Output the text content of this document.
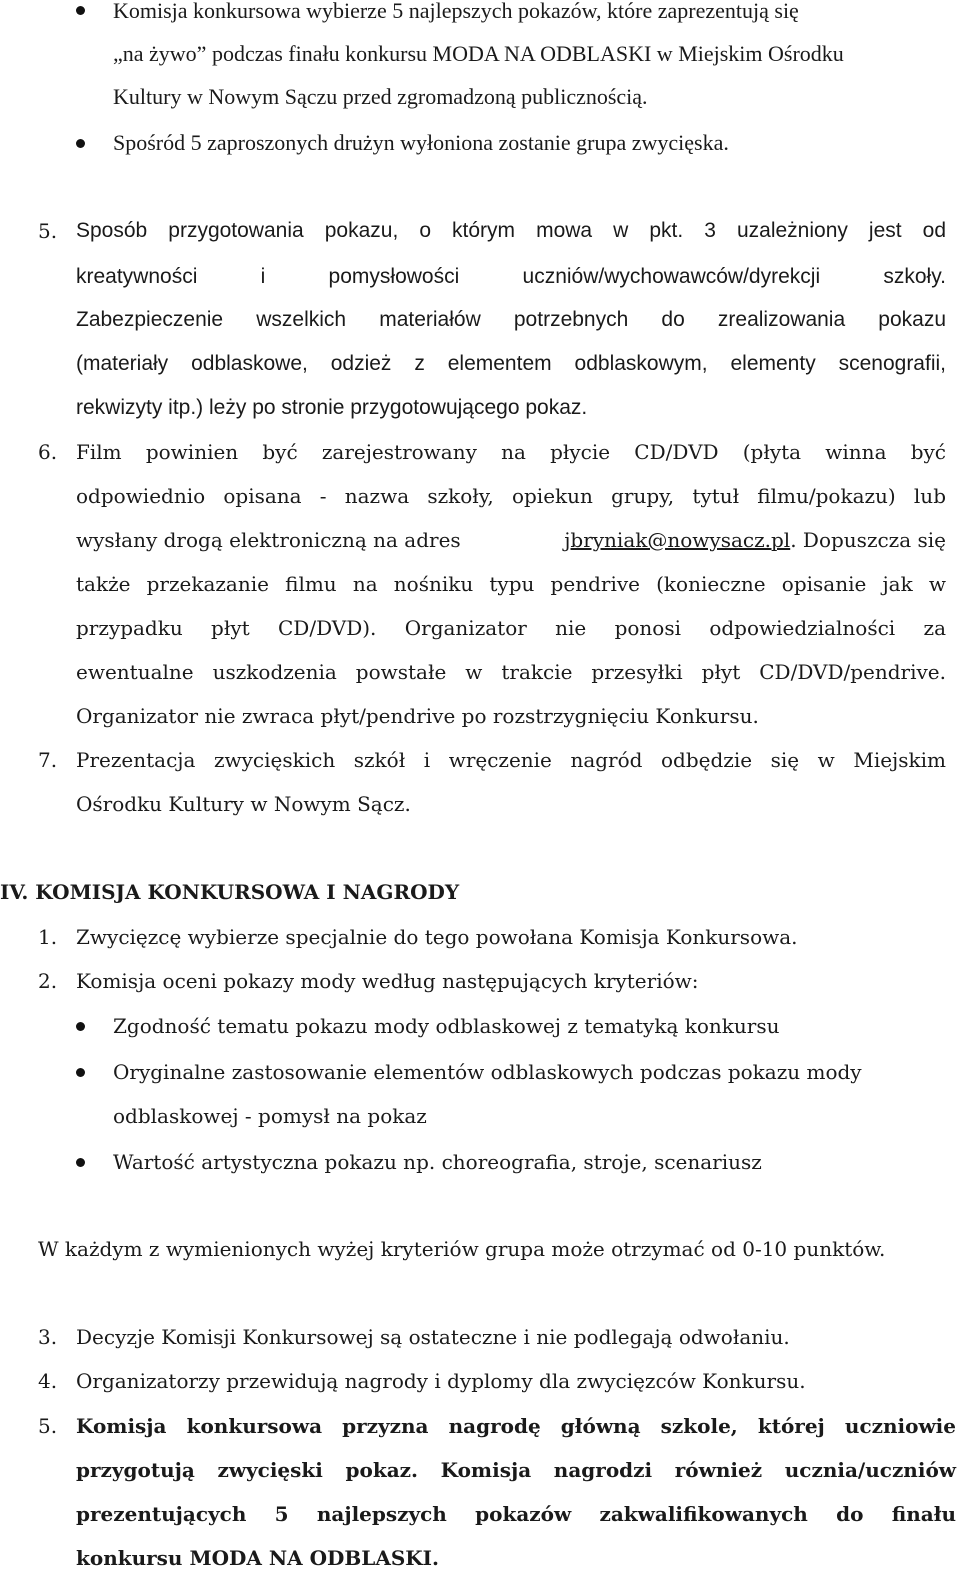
Komisja konkursowa wybierze 5 najlepszych pokazów, które zaprezentują się
„na żywo” podczas finału konkursu MODA NA ODBLASKI w Miejskim Ośrodku
Kultury w Nowym Sączu przed zgromadzoną publicznością.
Spośród 5 zaproszonych drużyn wyłoniona zostanie grupa zwycięska.
5. Sposób przygotowania pokazu, o którym mowa w pkt. 3 uzależniony jest od
kreatywności i pomysłowości uczniów/wychowawców/dyrekcji szkoły.
Zabezpieczenie wszelkich materiałów potrzebnych do zrealizowania pokazu
(materiały odblaskowe, odzież z elementem odblaskowym, elementy scenografii,
rekwizyty itp.) leży po stronie przygotowującego pokaz.
6. Film powinien być zarejestrowany na płycie CD/DVD (płyta winna być
odpowiednio opisana - nazwa szkoły, opiekun grupy, tytuł filmu/pokazu) lub
wysłany drogą elektroniczną na adres	jbryniak@nowysacz.pl. Dopuszcza się
także przekazanie filmu na nośniku typu pendrive (konieczne opisanie jak w
przypadku płyt CD/DVD). Organizator nie ponosi odpowiedzialności za
ewentualne uszkodzenia powstałe w trakcie przesyłki płyt CD/DVD/pendrive.
Organizator nie zwraca płyt/pendrive po rozstrzygnięciu Konkursu.
7. Prezentacja zwycięskich szkół i wręczenie nagród odbędzie się w Miejskim
Ośrodku Kultury w Nowym Sącz.
IV. KOMISJA KONKURSOWA I NAGRODY
1. Zwycięzcę wybierze specjalnie do tego powołana Komisja Konkursowa.
2. Komisja oceni pokazy mody według następujących kryteriów:
Zgodność tematu pokazu mody odblaskowej z tematyką konkursu
Oryginalne zastosowanie elementów odblaskowych podczas pokazu mody
odblaskowej - pomysł na pokaz
Wartość artystyczna pokazu np. choreografia, stroje, scenariusz
W każdym z wymienionych wyżej kryteriów grupa może otrzymać od 0-10 punktów.
3. Decyzje Komisji Konkursowej są ostateczne i nie podlegają odwołaniu.
4. Organizatorzy przewidują nagrody i dyplomy dla zwycięzców Konkursu.
5. Komisja konkursowa przyzna nagrodę główną szkole, której uczniowie
przygotują zwycięski pokaz. Komisja nagrodzi również ucznia/uczniów
prezentujących 5 najlepszych pokazów zakwalifikowanych do finału
konkursu MODA NA ODBLASKI.
